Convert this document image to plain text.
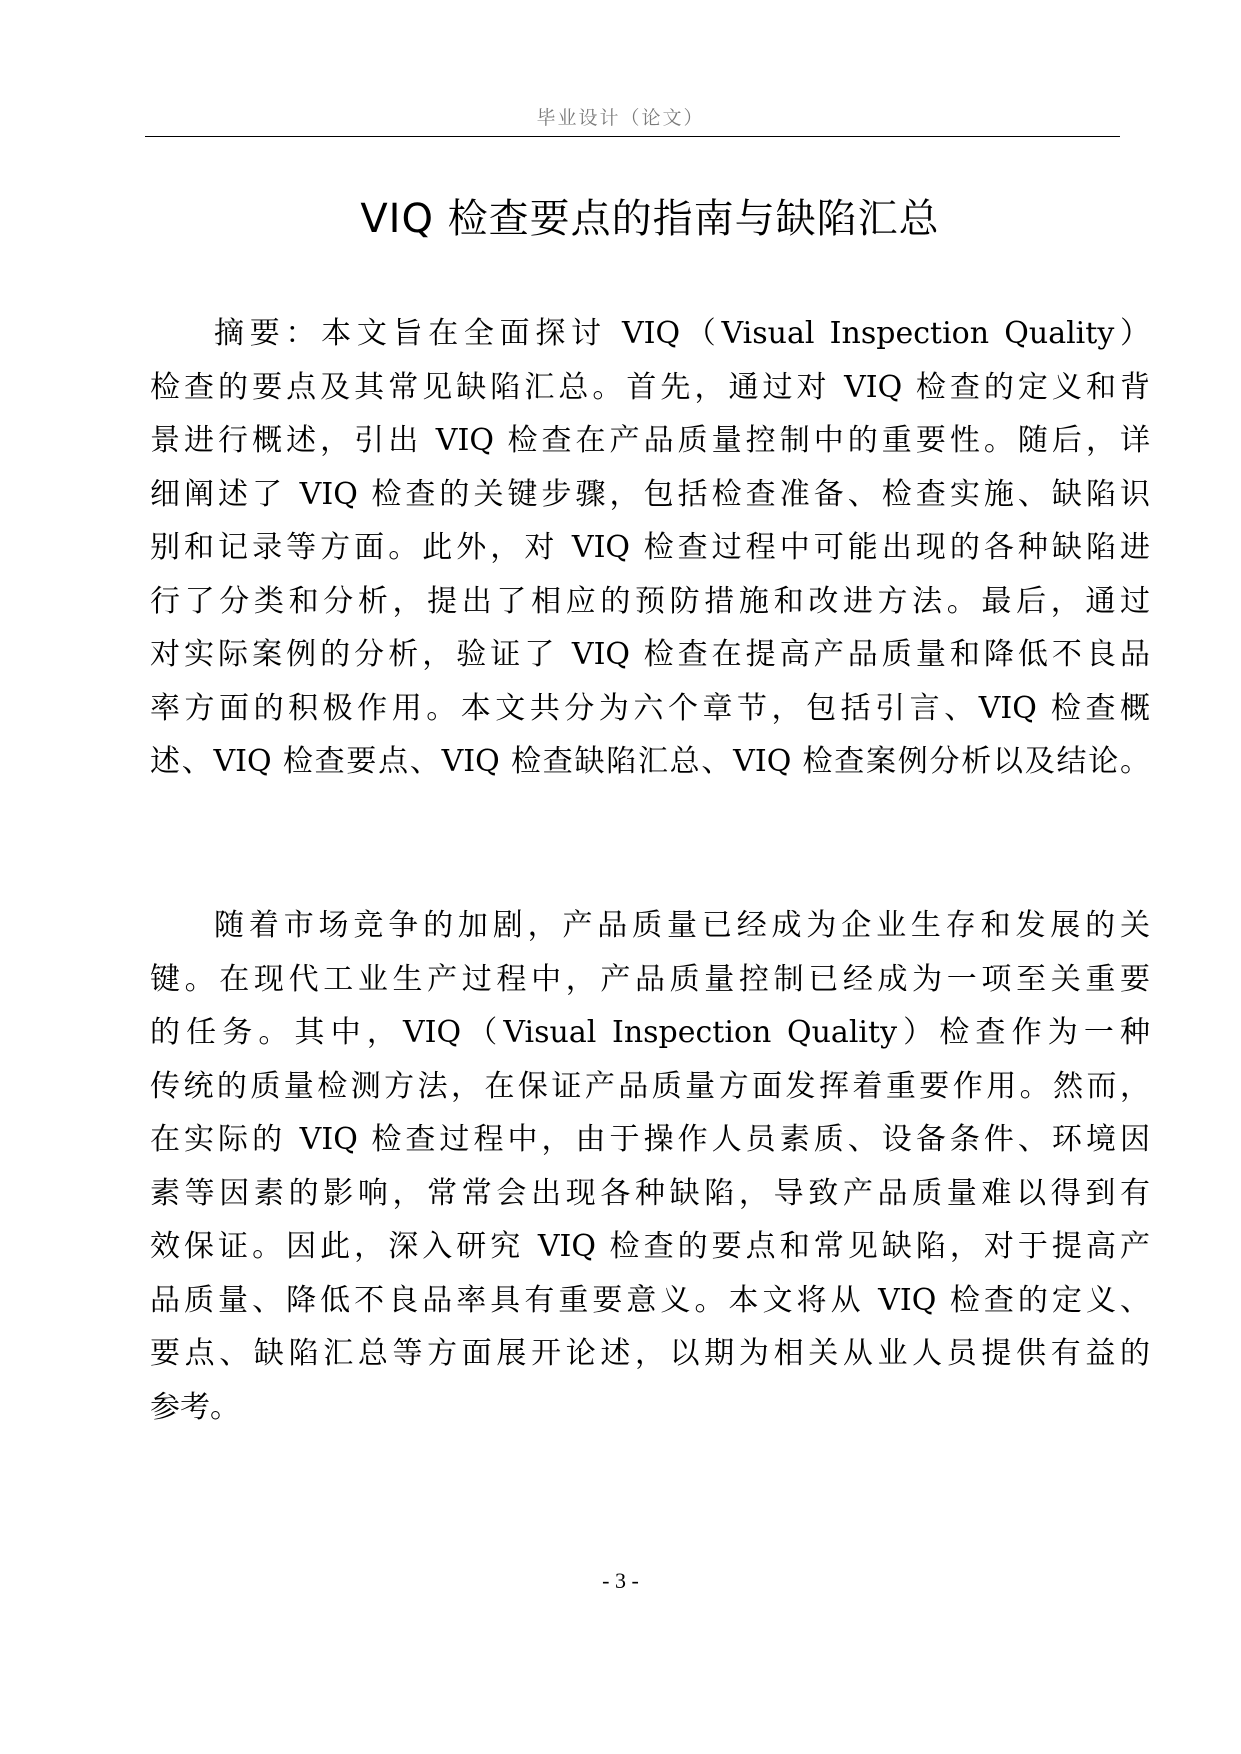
毕业设计（论文）
VIQ 检查要点的指南与缺陷汇总
摘要：本文旨在全面探讨 VIQ（Visual Inspection Quality）
检查的要点及其常见缺陷汇总。首先，通过对 VIQ 检查的定义和背
景进行概述，引出 VIQ 检查在产品质量控制中的重要性。随后，详
细阐述了 VIQ 检查的关键步骤，包括检查准备、检查实施、缺陷识
别和记录等方面。此外，对 VIQ 检查过程中可能出现的各种缺陷进
行了分类和分析，提出了相应的预防措施和改进方法。最后，通过
对实际案例的分析，验证了 VIQ 检查在提高产品质量和降低不良品
率方面的积极作用。本文共分为六个章节，包括引言、VIQ 检查概
述、VIQ 检查要点、VIQ 检查缺陷汇总、VIQ 检查案例分析以及结论。
随着市场竞争的加剧，产品质量已经成为企业生存和发展的关
键。在现代工业生产过程中，产品质量控制已经成为一项至关重要
的任务。其中，VIQ（Visual Inspection Quality）检查作为一种
传统的质量检测方法，在保证产品质量方面发挥着重要作用。然而，
在实际的 VIQ 检查过程中，由于操作人员素质、设备条件、环境因
素等因素的影响，常常会出现各种缺陷，导致产品质量难以得到有
效保证。因此，深入研究 VIQ 检查的要点和常见缺陷，对于提高产
品质量、降低不良品率具有重要意义。本文将从 VIQ 检查的定义、
要点、缺陷汇总等方面展开论述，以期为相关从业人员提供有益的
参考。
- 3 -
